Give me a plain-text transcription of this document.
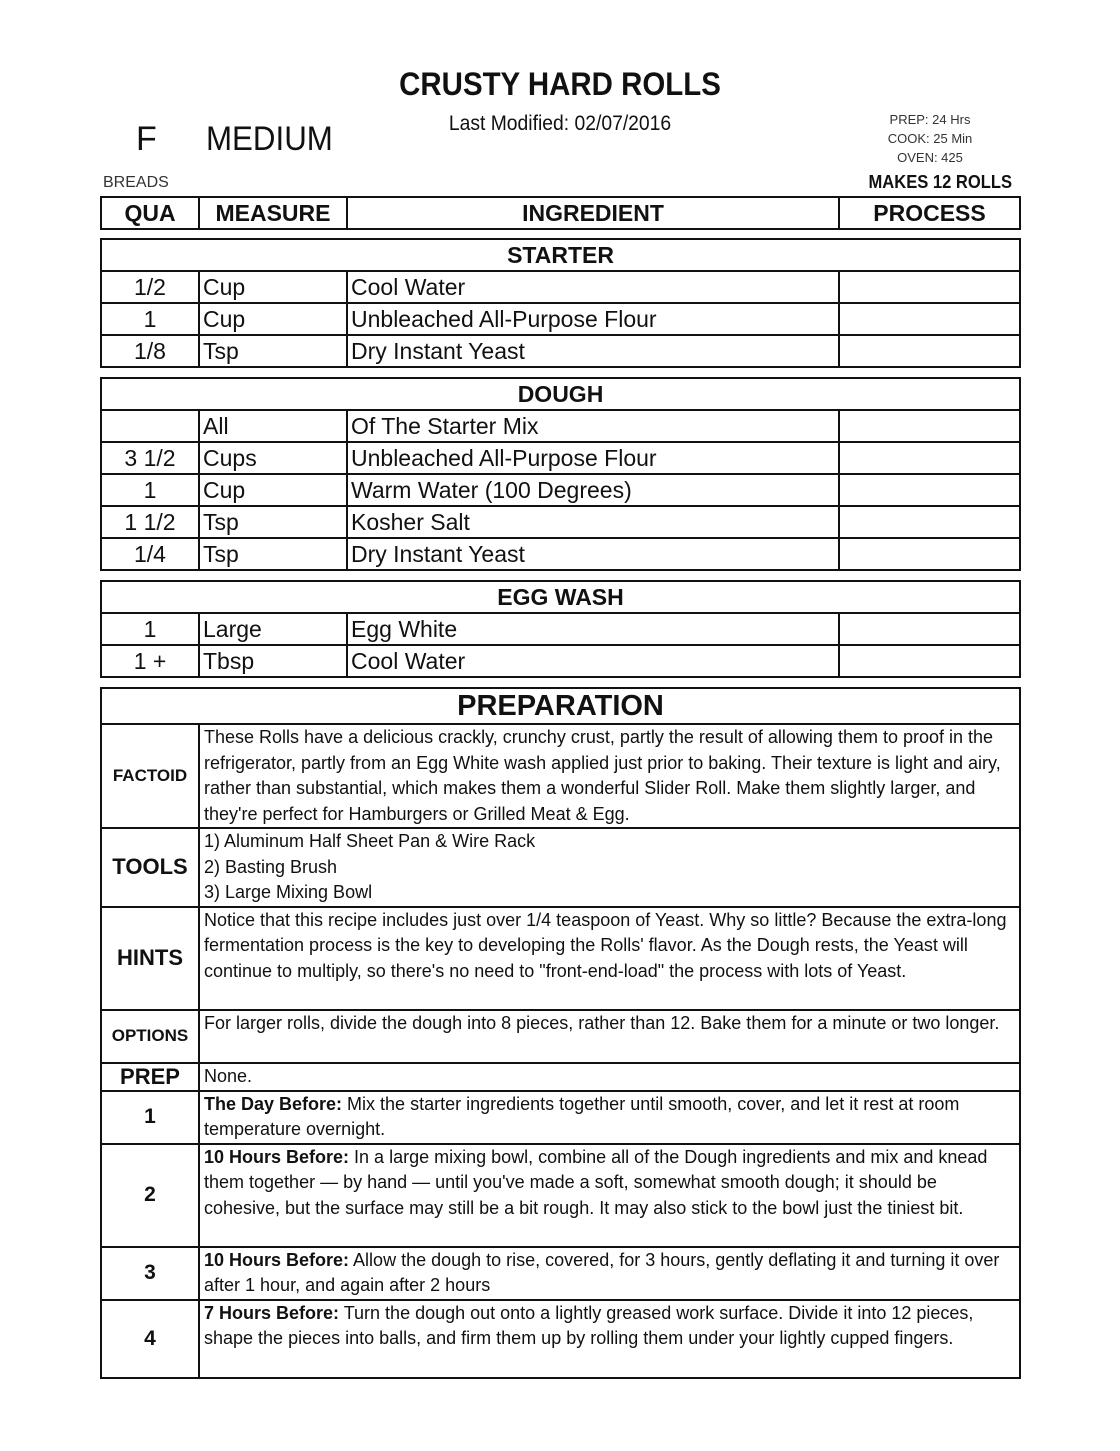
CRUSTY HARD ROLLS
Last Modified: 02/07/2016
F MEDIUM
PREP: 24 Hrs
COOK: 25 Min
OVEN: 425
BREADS	MAKES 12 ROLLS
QUA	MEASURE	INGREDIENT	PROCESS
STARTER			
1/2	Cup	Cool Water	
1	Cup	Unbleached All-Purpose Flour	
1/8	Tsp	Dry Instant Yeast	
DOUGH			
	All	Of The Starter Mix	
3 1/2	Cups	Unbleached All-Purpose Flour	
1	Cup	Warm Water (100 Degrees)	
1 1/2	Tsp	Kosher Salt	
1/4	Tsp	Dry Instant Yeast	
EGG WASH			
1	Large	Egg White	
1 +	Tbsp	Cool Water	
PREPARATION	
FACTOID	These Rolls have a delicious crackly, crunchy crust, partly the result of allowing them to proof in the refrigerator, partly from an Egg White wash applied just prior to baking. Their texture is light and airy, rather than substantial, which makes them a wonderful Slider Roll. Make them slightly larger, and they're perfect for Hamburgers or Grilled Meat & Egg.
TOOLS	1) Aluminum Half Sheet Pan & Wire Rack
2) Basting Brush
3) Large Mixing Bowl

HINTS	Notice that this recipe includes just over 1/4 teaspoon of Yeast. Why so little? Because the extra-long fermentation process is the key to developing the Rolls' flavor. As the Dough rests, the Yeast will continue to multiply, so there's no need to "front-end-load" the process with lots of Yeast.
OPTIONS	For larger rolls, divide the dough into 8 pieces, rather than 12. Bake them for a minute or two longer.
PREP	None.
1	The Day Before: Mix the starter ingredients together until smooth, cover, and let it rest at room temperature overnight.
2	10 Hours Before: In a large mixing bowl, combine all of the Dough ingredients and mix and knead them together — by hand — until you've made a soft, somewhat smooth dough; it should be cohesive, but the surface may still be a bit rough. It may also stick to the bowl just the tiniest bit.
3	10 Hours Before: Allow the dough to rise, covered, for 3 hours, gently deflating it and turning it over after 1 hour, and again after 2 hours
4	7 Hours Before: Turn the dough out onto a lightly greased work surface. Divide it into 12 pieces, shape the pieces into balls, and firm them up by rolling them under your lightly cupped fingers.
